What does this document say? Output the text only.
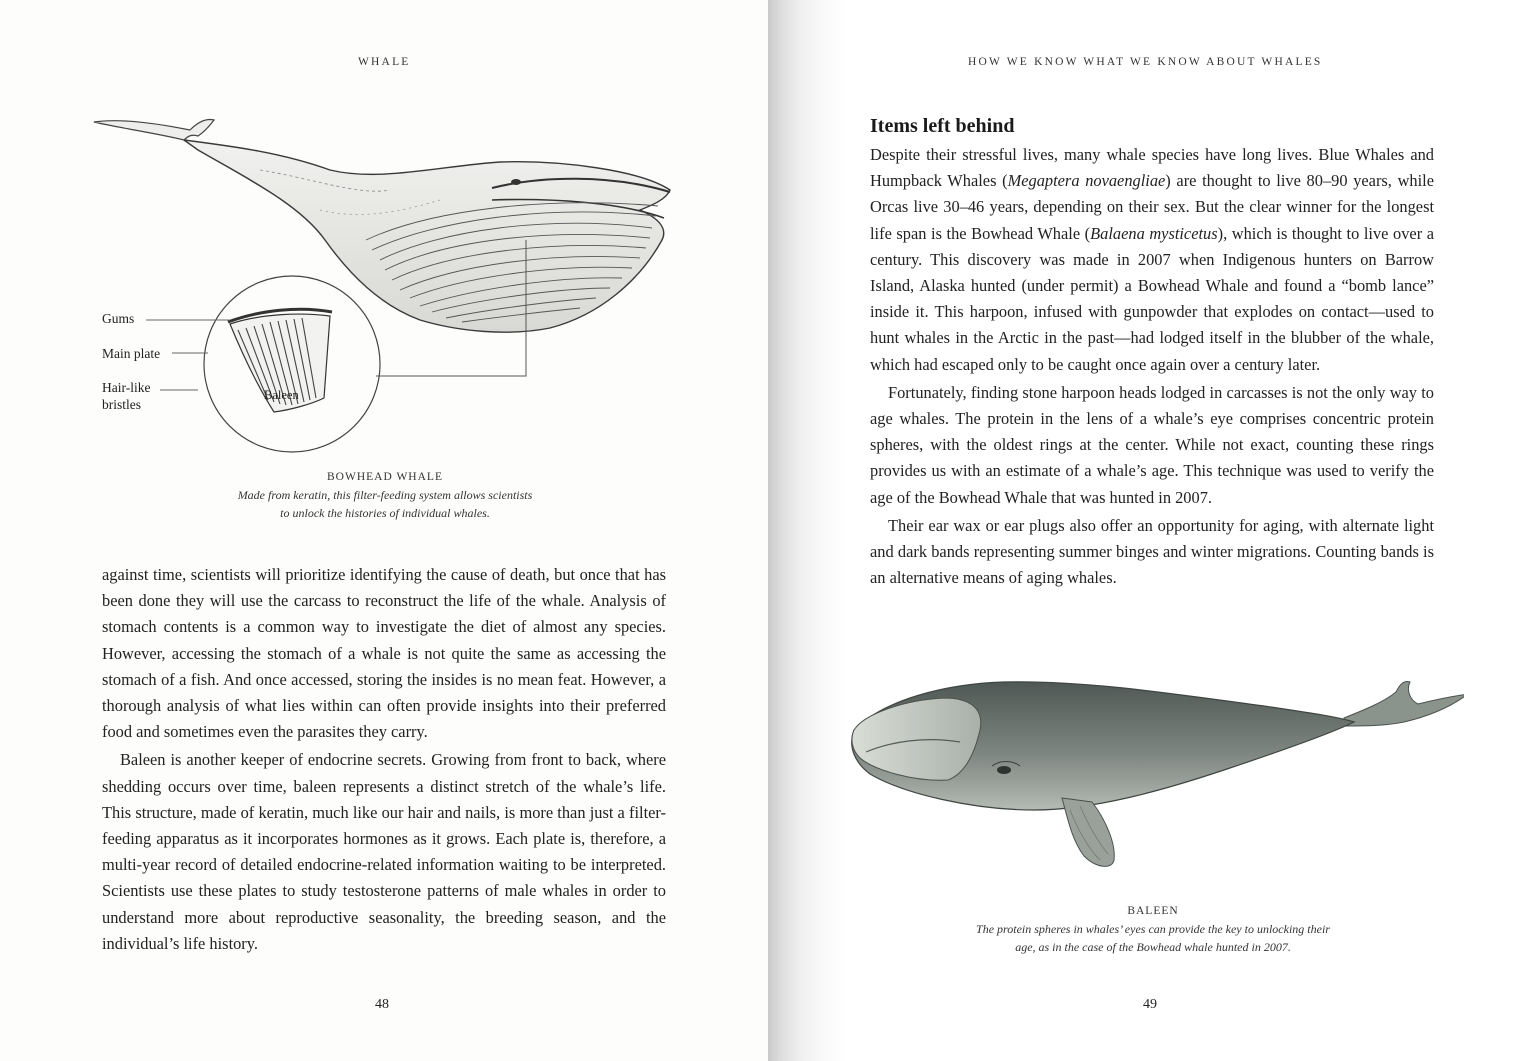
WHALE
Gums
Main plate
Hair-like
bristles
Baleen
BOWHEAD WHALE
Made from keratin, this filter-feeding system allows scientists
to unlock the histories of individual whales.

against time, scientists will prioritize identifying the cause of death, but once that has been done they will use the carcass to reconstruct the life of the whale. Analysis of stomach contents is a common way to investigate the diet of almost any species. However, accessing the stomach of a whale is not quite the same as accessing the stomach of a fish. And once accessed, storing the insides is no mean feat. However, a thorough analysis of what lies within can often provide insights into their preferred food and sometimes even the parasites they carry.

Baleen is another keeper of endocrine secrets. Growing from front to back, where shedding occurs over time, baleen represents a distinct stretch of the whale’s life. This structure, made of keratin, much like our hair and nails, is more than just a filter-feeding apparatus as it incorporates hormones as it grows. Each plate is, therefore, a multi-year record of detailed endocrine-related information waiting to be interpreted. Scientists use these plates to study testosterone patterns of male whales in order to understand more about reproductive seasonality, the breeding season, and the individual’s life history.

48
HOW WE KNOW WHAT WE KNOW ABOUT WHALES
Items left behind

Despite their stressful lives, many whale species have long lives. Blue Whales and Humpback Whales (Megaptera novaengliae) are thought to live 80–90 years, while Orcas live 30–46 years, depending on their sex. But the clear winner for the longest life span is the Bowhead Whale (Balaena mysticetus), which is thought to live over a century. This discovery was made in 2007 when Indigenous hunters on Barrow Island, Alaska hunted (under permit) a Bowhead Whale and found a “bomb lance” inside it. This harpoon, infused with gunpowder that explodes on contact—used to hunt whales in the Arctic in the past—had lodged itself in the blubber of the whale, which had escaped only to be caught once again over a century later.

Fortunately, finding stone harpoon heads lodged in carcasses is not the only way to age whales. The protein in the lens of a whale’s eye comprises concentric protein spheres, with the oldest rings at the center. While not exact, counting these rings provides us with an estimate of a whale’s age. This technique was used to verify the age of the Bowhead Whale that was hunted in 2007.

Their ear wax or ear plugs also offer an opportunity for aging, with alternate light and dark bands representing summer binges and winter migrations. Counting bands is an alternative means of aging whales.

BALEEN
The protein spheres in whales’ eyes can provide the key to unlocking their
age, as in the case of the Bowhead whale hunted in 2007.
49
